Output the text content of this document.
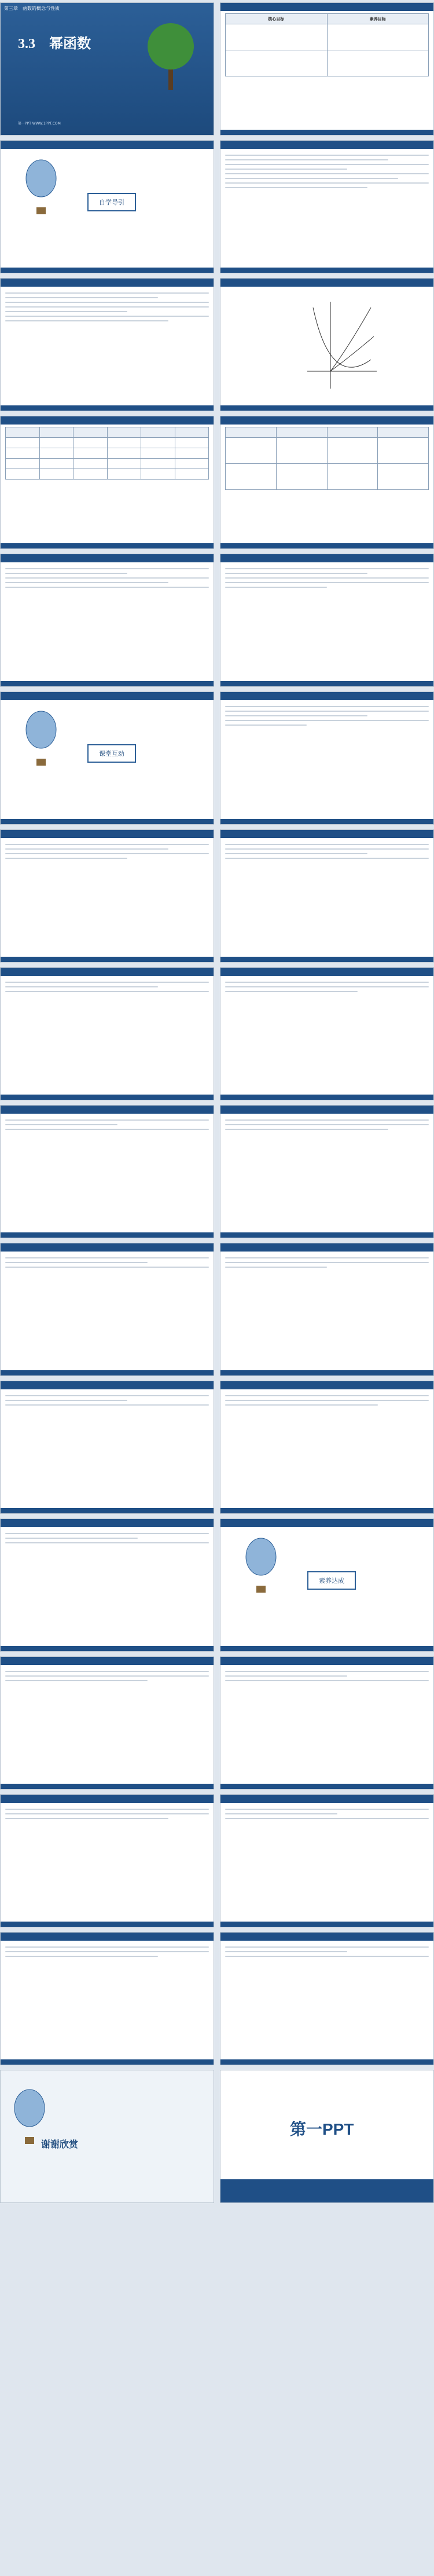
第三章　函数的概念与性质
3.3　幂函数
第一PPT WWW.1PPT.COM
核心目标	素养目标

自学导引

课堂互动
素养达成
谢谢欣赏
第一PPT
